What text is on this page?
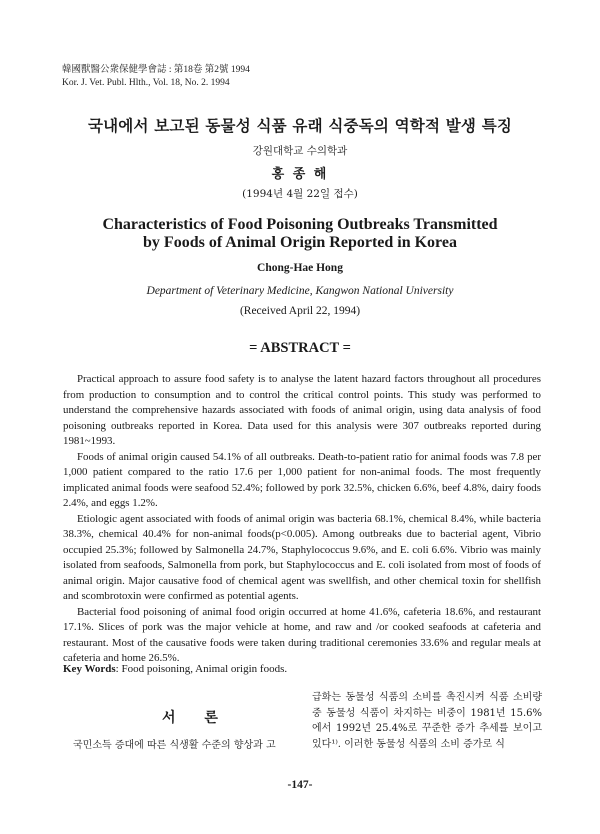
韓國獸醫公衆保健學會誌 : 第18卷 第2號 1994
Kor. J. Vet. Publ. Hlth., Vol. 18, No. 2. 1994
국내에서 보고된 동물성 식품 유래 식중독의 역학적 발생 특징
강원대학교 수의학과
홍 종 해
(1994년 4월 22일 접수)
Characteristics of Food Poisoning Outbreaks Transmitted
by Foods of Animal Origin Reported in Korea
Chong-Hae Hong
Department of Veterinary Medicine, Kangwon National University
(Received April 22, 1994)
= ABSTRACT =

Practical approach to assure food safety is to analyse the latent hazard factors throughout all procedures from production to consumption and to control the critical control points. This study was performed to understand the comprehensive hazards associated with foods of animal origin, using data analysis of food poisoning outbreaks reported in Korea. Data used for this analysis were 307 outbreaks reported during 1981~1993.

Foods of animal origin caused 54.1% of all outbreaks. Death-to-patient ratio for animal foods was 7.8 per 1,000 patient compared to the ratio 17.6 per 1,000 patient for non-animal foods. The most frequently implicated animal foods were seafood 52.4%; followed by pork 32.5%, chicken 6.6%, beef 4.8%, dairy foods 2.4%, and eggs 1.2%.

Etiologic agent associated with foods of animal origin was bacteria 68.1%, chemical 8.4%, while bacteria 38.3%, chemical 40.4% for non-animal foods(p<0.005). Among outbreaks due to bacterial agent, Vibrio occupied 25.3%; followed by Salmonella 24.7%, Staphylococcus 9.6%, and E. coli 6.6%. Vibrio was mainly isolated from seafoods, Salmonella from pork, but Staphylococcus and E. coli isolated from most of foods of animal origin. Major causative food of chemical agent was swellfish, and other chemical toxin for shellfish and scombrotoxin were confirmed as potential agents.

Bacterial food poisoning of animal food origin occurred at home 41.6%, cafeteria 18.6%, and restaurant 17.1%. Slices of pork was the major vehicle at home, and raw and /or cooked seafoods at cafeteria and restaurant. Most of the causative foods were taken during traditional ceremonies 33.6% and regular meals at cafeteria and home 26.5%.

Key Words: Food poisoning, Animal origin foods.
서 론
국민소득 증대에 따른 식생활 수준의 향상과 고
급화는 동물성 식품의 소비를 촉진시켜 식품 소비량중 동물성 식품이 차지하는 비중이 1981년 15.6%에서 1992년 25.4%로 꾸준한 증가 추세를 보이고 있다¹⁾. 이러한 동물성 식품의 소비 증가로 식
-147-
